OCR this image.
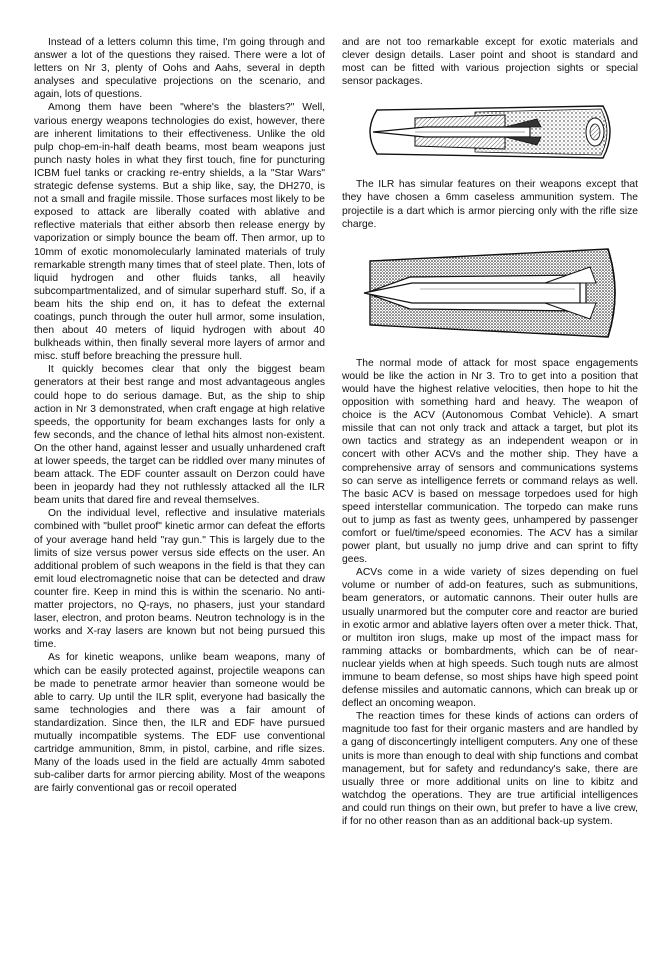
Instead of a letters column this time, I'm going through and answer a lot of the questions they raised. There were a lot of letters on Nr 3, plenty of Oohs and Aahs, several in depth analyses and speculative projections on the scenario, and again, lots of questions.

Among them have been "where's the blasters?" Well, various energy weapons technologies do exist, however, there are inherent limitations to their effectiveness. Unlike the old pulp chop-em-in-half death beams, most beam weapons just punch nasty holes in what they first touch, fine for puncturing ICBM fuel tanks or cracking re-entry shields, a la "Star Wars" strategic defense systems. But a ship like, say, the DH270, is not a small and fragile missile. Those surfaces most likely to be exposed to attack are liberally coated with ablative and reflective materials that either absorb then release energy by vaporization or simply bounce the beam off. Then armor, up to 10mm of exotic monomolecularly laminated materials of truly remarkable strength many times that of steel plate. Then, lots of liquid hydrogen and other fluids tanks, all heavily subcompartmentalized, and of simular superhard stuff. So, if a beam hits the ship end on, it has to defeat the external coatings, punch through the outer hull armor, some insulation, then about 40 meters of liquid hydrogen with about 40 bulkheads within, then finally several more layers of armor and misc. stuff before breaching the pressure hull.

It quickly becomes clear that only the biggest beam generators at their best range and most advantageous angles could hope to do serious damage. But, as the ship to ship action in Nr 3 demonstrated, when craft engage at high relative speeds, the opportunity for beam exchanges lasts for only a few seconds, and the chance of lethal hits almost non-existent. On the other hand, against lesser and usually unhardened craft at lower speeds, the target can be riddled over many minutes of beam attack. The EDF counter assault on Derzon could have been in jeopardy had they not ruthlessly attacked all the ILR beam units that dared fire and reveal themselves.

On the individual level, reflective and insulative materials combined with "bullet proof" kinetic armor can defeat the efforts of your average hand held "ray gun." This is largely due to the limits of size versus power versus side effects on the user. An additional problem of such weapons in the field is that they can emit loud electromagnetic noise that can be detected and draw counter fire. Keep in mind this is within the scenario. No anti-matter projectors, no Q-rays, no phasers, just your standard laser, electron, and proton beams. Neutron technology is in the works and X-ray lasers are known but not being pursued this time.

As for kinetic weapons, unlike beam weapons, many of which can be easily protected against, projectile weapons can be made to penetrate armor heavier than someone would be able to carry. Up until the ILR split, everyone had basically the same technologies and there was a fair amount of standardization. Since then, the ILR and EDF have pursued mutually incompatible systems. The EDF use conventional cartridge ammunition, 8mm, in pistol, carbine, and rifle sizes. Many of the loads used in the field are actually 4mm saboted sub-caliber darts for armor piercing ability. Most of the weapons are fairly conventional gas or recoil operated

and are not too remarkable except for exotic materials and clever design details. Laser point and shoot is standard and most can be fitted with various projection sights or special sensor packages.

The ILR has simular features on their weapons except that they have chosen a 6mm caseless ammunition system. The projectile is a dart which is armor piercing only with the rifle size charge.

The normal mode of attack for most space engagements would be like the action in Nr 3. Tro to get into a position that would have the highest relative velocities, then hope to hit the opposition with something hard and heavy. The weapon of choice is the ACV (Autonomous Combat Vehicle). A smart missile that can not only track and attack a target, but plot its own tactics and strategy as an independent weapon or in concert with other ACVs and the mother ship. They have a comprehensive array of sensors and communications systems so can serve as intelligence ferrets or command relays as well. The basic ACV is based on message torpedoes used for high speed interstellar communication. The torpedo can make runs out to jump as fast as twenty gees, unhampered by passenger comfort or fuel/time/speed economies. The ACV has a similar power plant, but usually no jump drive and can sprint to fifty gees.

ACVs come in a wide variety of sizes depending on fuel volume or number of add-on features, such as submunitions, beam generators, or automatic cannons. Their outer hulls are usually unarmored but the computer core and reactor are buried in exotic armor and ablative layers often over a meter thick. That, or multiton iron slugs, make up most of the impact mass for ramming attacks or bombardments, which can be of near-nuclear yields when at high speeds. Such tough nuts are almost immune to beam defense, so most ships have high speed point defense missiles and automatic cannons, which can break up or deflect an oncoming weapon.

The reaction times for these kinds of actions can orders of magnitude too fast for their organic masters and are handled by a gang of disconcertingly intelligent computers. Any one of these units is more than enough to deal with ship functions and combat management, but for safety and redundancy's sake, there are usually three or more additional units on line to kibitz and watchdog the operations. They are true artificial intelligences and could run things on their own, but prefer to have a live crew, if for no other reason than as an additional back-up system.
